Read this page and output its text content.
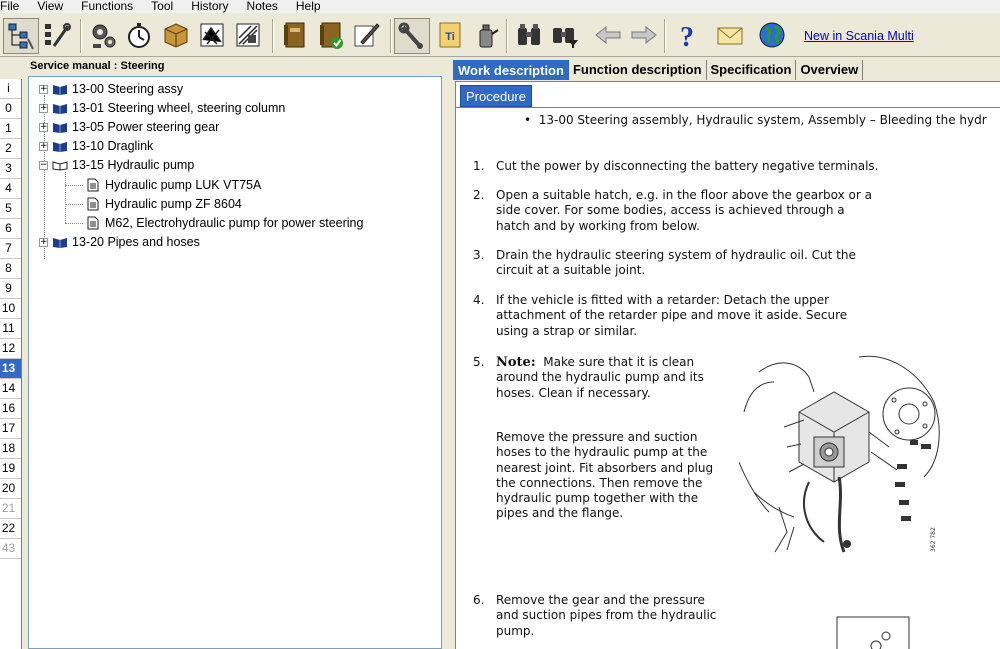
File	View	Functions	Tool	History	Notes	Help
Ti	?	New in Scania Multi
i
0
1
2
3
4
5
6
7
8
9
10
11
12
13
14
16
17
18
19
20
21
22
43
Service manual : Steering
+ 13-00 Steering assy
+ 13-01 Steering wheel, steering column
+ 13-05 Power steering gear
+ 13-10 Draglink
− 13-15 Hydraulic pump
Hydraulic pump LUK VT75A
Hydraulic pump ZF 8604
M62, Electrohydraulic pump for power steering
+ 13-20 Pipes and hoses
Work description Function description Specification Overview
Procedure
•  13-00 Steering assembly, Hydraulic system, Assembly – Bleeding the hydr
1. Cut the power by disconnecting the battery negative terminals.
2. Open a suitable hatch, e.g. in the floor above the gearbox or a
side cover. For some bodies, access is achieved through a
hatch and by working from below.
3. Drain the hydraulic steering system of hydraulic oil. Cut the
circuit at a suitable joint.
4. If the vehicle is fitted with a retarder: Detach the upper
attachment of the retarder pipe and move it aside. Secure
using a strap or similar.
5. Note: Make sure that it is clean
around the hydraulic pump and its
hoses. Clean if necessary.
Remove the pressure and suction
hoses to the hydraulic pump at the
nearest joint. Fit absorbers and plug
the connections. Then remove the
hydraulic pump together with the
pipes and the flange.
6. Remove the gear and the pressure
and suction pipes from the hydraulic
pump.
362 782
